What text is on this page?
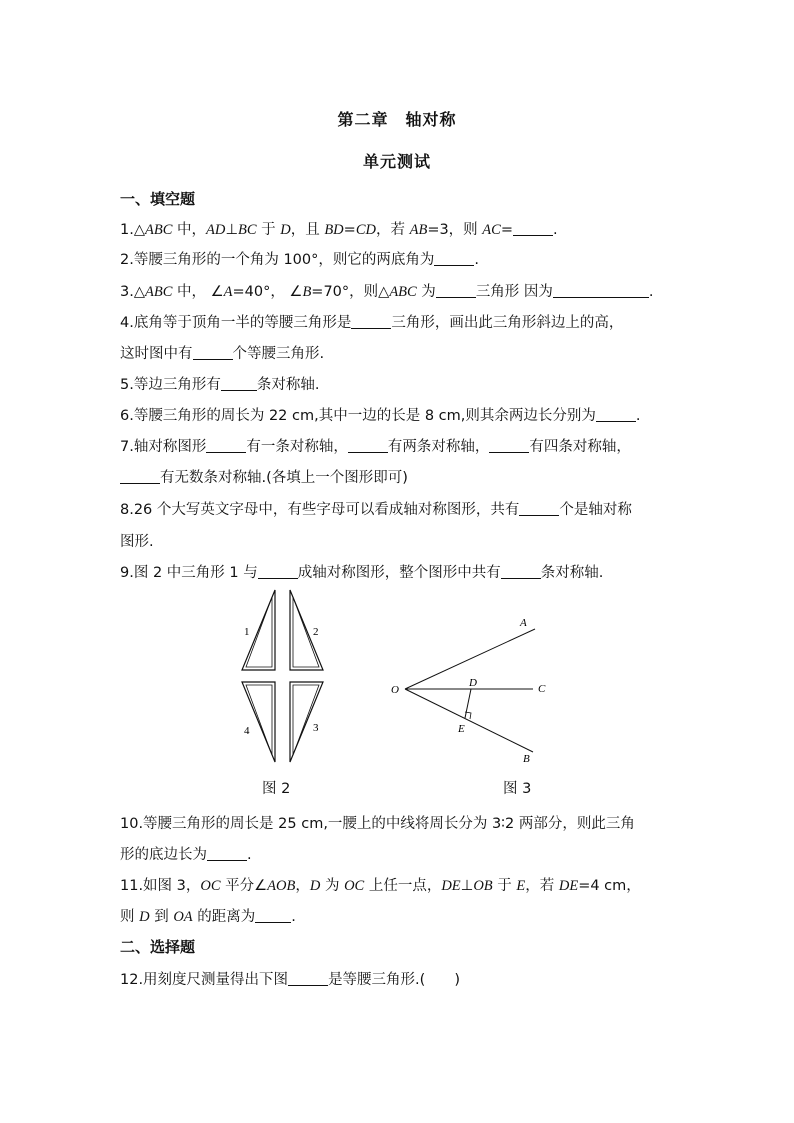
第二章　轴对称
单元测试
一、填空题
1.△ABC 中，AD⊥BC 于 D，且 BD=CD，若 AB=3，则 AC=	.
2.等腰三角形的一个角为 100°，则它的两底角为	.
3.△ABC 中， ∠A=40°， ∠B=70°，则△ABC 为	三角形 因为	.
4.底角等于顶角一半的等腰三角形是	三角形，画出此三角形斜边上的高，
这时图中有	个等腰三角形.
5.等边三角形有 条对称轴.
6.等腰三角形的周长为 22 cm,其中一边的长是 8 cm,则其余两边长分别为	.
7.轴对称图形	有一条对称轴，	有两条对称轴，	有四条对称轴，
有无数条对称轴.(各填上一个图形即可)
8.26 个大写英文字母中，有些字母可以看成轴对称图形，共有	个是轴对称
图形.
9.图 2 中三角形 1 与	成轴对称图形，整个图形中共有	条对称轴.
1	2
4	3
图 2
A
C
B
D
E
O
图 3
10.等腰三角形的周长是 25 cm,一腰上的中线将周长分为 3∶2 两部分，则此三角
形的底边长为	.
11.如图 3，OC 平分∠AOB，D 为 OC 上任一点，DE⊥OB 于 E，若 DE=4 cm，
则 D 到 OA 的距离为 .
二、选择题
12.用刻度尺测量得出下图	是等腰三角形.(　　)
